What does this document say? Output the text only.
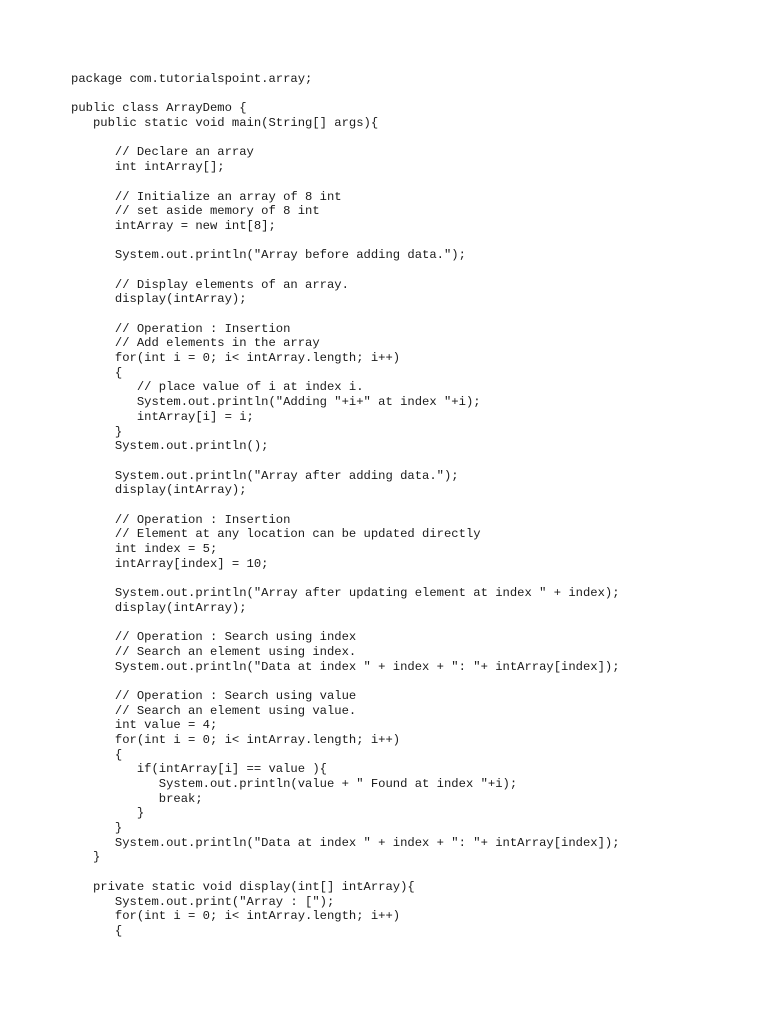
package com.tutorialspoint.array;
public class ArrayDemo {
public static void main(String[] args){
// Declare an array
int intArray[];
// Initialize an array of 8 int
// set aside memory of 8 int
intArray = new int[8];
System.out.println("Array before adding data.");
// Display elements of an array.
display(intArray);
// Operation : Insertion
// Add elements in the array
for(int i = 0; i< intArray.length; i++)
{
// place value of i at index i.
System.out.println("Adding "+i+" at index "+i);
intArray[i] = i;
}
System.out.println();
System.out.println("Array after adding data.");
display(intArray);
// Operation : Insertion
// Element at any location can be updated directly
int index = 5;
intArray[index] = 10;
System.out.println("Array after updating element at index " + index);
display(intArray);
// Operation : Search using index
// Search an element using index.
System.out.println("Data at index " + index + ": "+ intArray[index]);
// Operation : Search using value
// Search an element using value.
int value = 4;
for(int i = 0; i< intArray.length; i++)
{
if(intArray[i] == value ){
System.out.println(value + " Found at index "+i);
break;
}
}
System.out.println("Data at index " + index + ": "+ intArray[index]);
}
private static void display(int[] intArray){
System.out.print("Array : [");
for(int i = 0; i< intArray.length; i++)
{
